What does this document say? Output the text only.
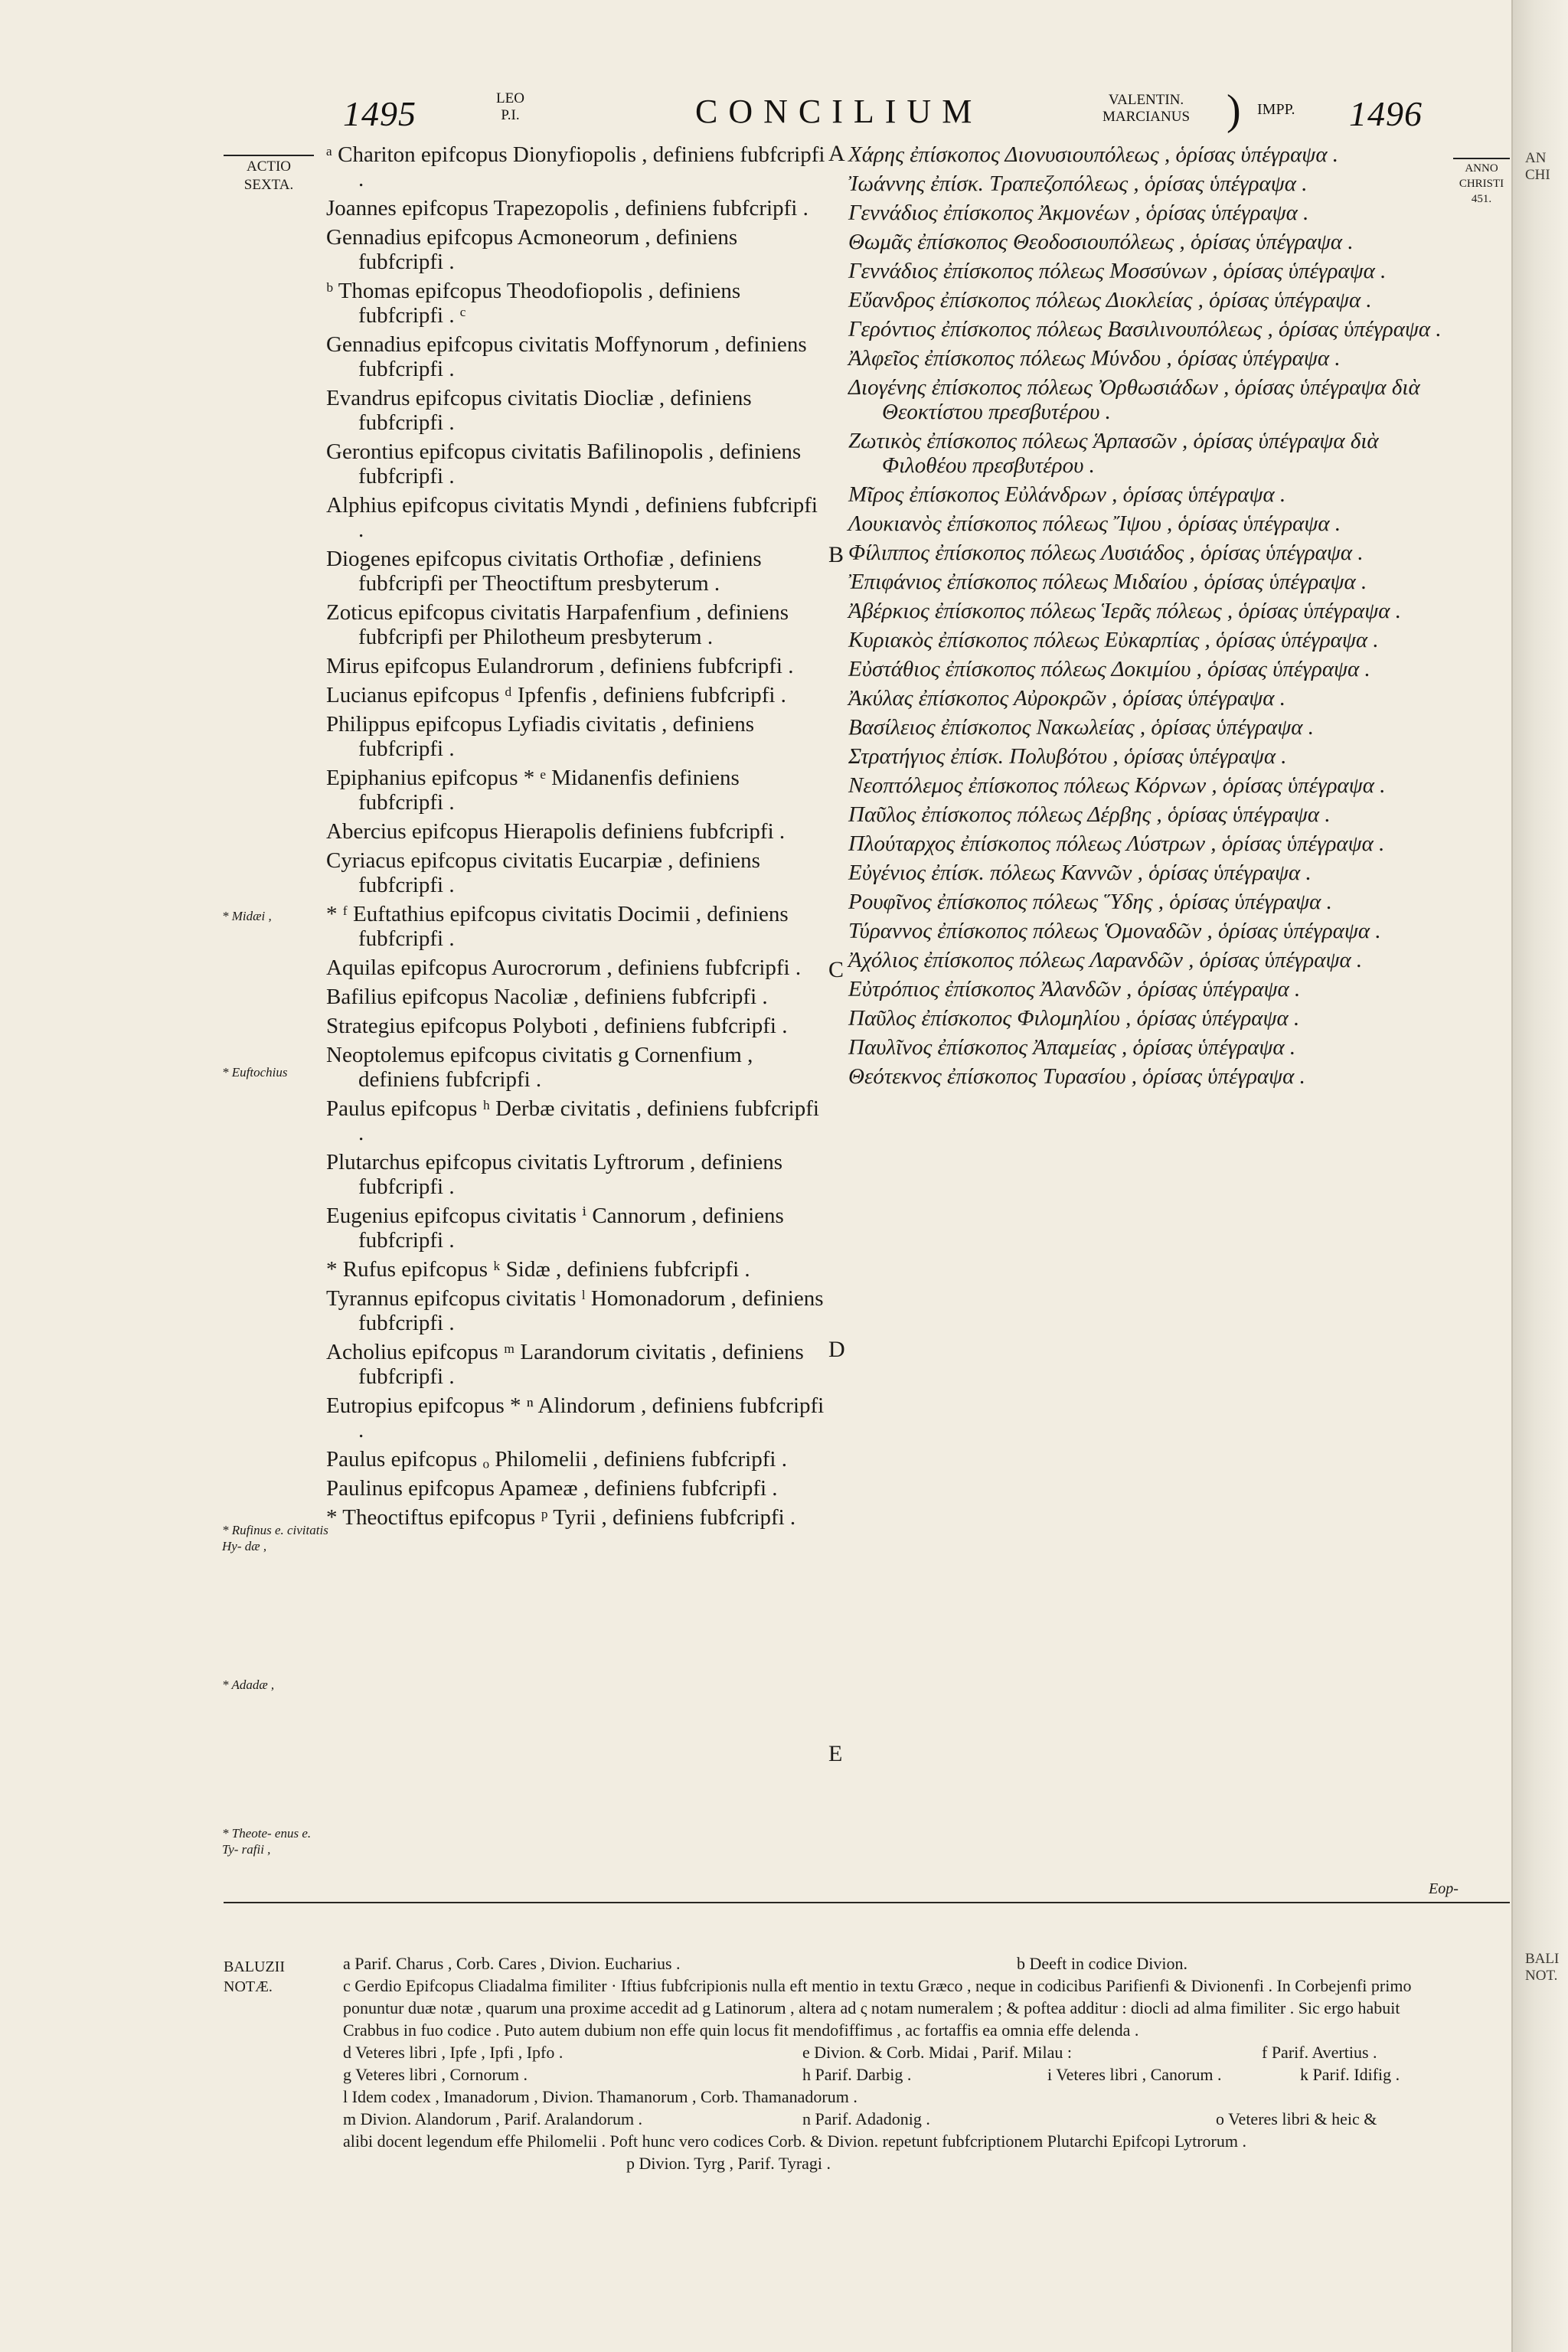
AN
CHI
BALI
NOT.
1495	LEO
P.I.	CONCILIUM	VALENTIN.
MARCIANUS ) IMPP. 1496
ACTIO
SEXTA.
ANNO
CHRISTI
451.
* Midæi ,
* Euftochius
* Rufinus e. civitatis Hy- dæ ,
* Adadæ ,
* Theote- enus e. Ty- rafii ,
A
B
C
D
E
ᵃ Chariton epifcopus Dionyfiopolis , definiens fubfcripfi .
Joannes epifcopus Trapezopolis , definiens fubfcripfi .
Gennadius epifcopus Acmoneorum , definiens fubfcripfi .
ᵇ Thomas epifcopus Theodofiopolis , definiens fubfcripfi . ᶜ
Gennadius epifcopus civitatis Moffynorum , definiens fubfcripfi .
Evandrus epifcopus civitatis Diocliæ , definiens fubfcripfi .
Gerontius epifcopus civitatis Bafilinopolis , definiens fubfcripfi .
Alphius epifcopus civitatis Myndi , definiens fubfcripfi .
Diogenes epifcopus civitatis Orthofiæ , definiens fubfcripfi per Theoctiftum presbyterum .
Zoticus epifcopus civitatis Harpafenfium , definiens fubfcripfi per Philotheum presbyterum .
Mirus epifcopus Eulandrorum , definiens fubfcripfi .
Lucianus epifcopus ᵈ Ipfenfis , definiens fubfcripfi .
Philippus epifcopus Lyfiadis civitatis , definiens fubfcripfi .
Epiphanius epifcopus * ᵉ Midanenfis definiens fubfcripfi .
Abercius epifcopus Hierapolis definiens fubfcripfi .
Cyriacus epifcopus civitatis Eucarpiæ , definiens fubfcripfi .
* ᶠ Euftathius epifcopus civitatis Docimii , definiens fubfcripfi .
Aquilas epifcopus Aurocrorum , definiens fubfcripfi .
Bafilius epifcopus Nacoliæ , definiens fubfcripfi .
Strategius epifcopus Polyboti , definiens fubfcripfi .
Neoptolemus epifcopus civitatis g Cornenfium , definiens fubfcripfi .
Paulus epifcopus ʰ Derbæ civitatis , definiens fubfcripfi .
Plutarchus epifcopus civitatis Lyftrorum , definiens fubfcripfi .
Eugenius epifcopus civitatis ⁱ Cannorum , definiens fubfcripfi .
* Rufus epifcopus ᵏ Sidæ , definiens fubfcripfi .
Tyrannus epifcopus civitatis ˡ Homonadorum , definiens fubfcripfi .
Acholius epifcopus ᵐ Larandorum civitatis , definiens fubfcripfi .
Eutropius epifcopus * ⁿ Alindorum , definiens fubfcripfi .
Paulus epifcopus ₒ Philomelii , definiens fubfcripfi .
Paulinus epifcopus Apameæ , definiens fubfcripfi .
* Theoctiftus epifcopus ᵖ Tyrii , definiens fubfcripfi .
Χάρης ἐπίσκοπος Διονυσιουπόλεως , ὁρίσας ὑπέγραψα .
Ἰωάννης ἐπίσκ. Τραπεζοπόλεως , ὁρίσας ὑπέγραψα .
Γεννάδιος ἐπίσκοπος Ἀκμονέων , ὁρίσας ὑπέγραψα .
Θωμᾶς ἐπίσκοπος Θεοδοσιουπόλεως , ὁρίσας ὑπέγραψα .
Γεννάδιος ἐπίσκοπος πόλεως Μοσσύνων , ὁρίσας ὑπέγραψα .
Εὔανδρος ἐπίσκοπος πόλεως Διοκλείας , ὁρίσας ὑπέγραψα .
Γερόντιος ἐπίσκοπος πόλεως Βασιλινουπόλεως , ὁρίσας ὑπέγραψα .
Ἀλφεῖος ἐπίσκοπος πόλεως Μύνδου , ὁρίσας ὑπέγραψα .
Διογένης ἐπίσκοπος πόλεως Ὀρθωσιάδων , ὁρίσας ὑπέγραψα διὰ Θεοκτίστου πρεσβυτέρου .
Ζωτικὸς ἐπίσκοπος πόλεως Ἁρπασῶν , ὁρίσας ὑπέγραψα διὰ Φιλοθέου πρεσβυτέρου .
Μῖρος ἐπίσκοπος Εὐλάνδρων , ὁρίσας ὑπέγραψα .
Λουκιανὸς ἐπίσκοπος πόλεως Ἴψου , ὁρίσας ὑπέγραψα .
Φίλιππος ἐπίσκοπος πόλεως Λυσιάδος , ὁρίσας ὑπέγραψα .
Ἐπιφάνιος ἐπίσκοπος πόλεως Μιδαίου , ὁρίσας ὑπέγραψα .
Ἀβέρκιος ἐπίσκοπος πόλεως Ἱερᾶς πόλεως , ὁρίσας ὑπέγραψα .
Κυριακὸς ἐπίσκοπος πόλεως Εὐκαρπίας , ὁρίσας ὑπέγραψα .
Εὐστάθιος ἐπίσκοπος πόλεως Δοκιμίου , ὁρίσας ὑπέγραψα .
Ἀκύλας ἐπίσκοπος Αὐροκρῶν , ὁρίσας ὑπέγραψα .
Βασίλειος ἐπίσκοπος Νακωλείας , ὁρίσας ὑπέγραψα .
Στρατήγιος ἐπίσκ. Πολυβότου , ὁρίσας ὑπέγραψα .
Νεοπτόλεμος ἐπίσκοπος πόλεως Κόρνων , ὁρίσας ὑπέγραψα .
Παῦλος ἐπίσκοπος πόλεως Δέρβης , ὁρίσας ὑπέγραψα .
Πλούταρχος ἐπίσκοπος πόλεως Λύστρων , ὁρίσας ὑπέγραψα .
Εὐγένιος ἐπίσκ. πόλεως Καννῶν , ὁρίσας ὑπέγραψα .
Ρουφῖνος ἐπίσκοπος πόλεως Ὕδης , ὁρίσας ὑπέγραψα .
Τύραννος ἐπίσκοπος πόλεως Ὁμοναδῶν , ὁρίσας ὑπέγραψα .
Ἀχόλιος ἐπίσκοπος πόλεως Λαρανδῶν , ὁρίσας ὑπέγραψα .
Εὐτρόπιος ἐπίσκοπος Ἀλανδῶν , ὁρίσας ὑπέγραψα .
Παῦλος ἐπίσκοπος Φιλομηλίου , ὁρίσας ὑπέγραψα .
Παυλῖνος ἐπίσκοπος Ἀπαμείας , ὁρίσας ὑπέγραψα .
Θεότεκνος ἐπίσκοπος Τυρασίου , ὁρίσας ὑπέγραψα .
Eop-
BALUZII
NOTÆ.
a Parif. Charus , Corb. Cares , Divion. Eucharius .	b Deeft in codice Divion.
c Gerdio Epifcopus Cliadalma fimiliter · Iftius fubfcripionis nulla eft mentio in textu Græco , neque in codicibus Parifienfi & Divionenfi . In Corbejenfi primo ponuntur duæ notæ , quarum una proxime accedit ad g Latinorum , altera ad ς notam numeralem ; & poftea additur : diocli ad alma fimiliter . Sic ergo habuit Crabbus in fuo codice . Puto autem dubium non effe quin locus fit mendofiffimus , ac fortaffis ea omnia effe delenda .
d Veteres libri , Ipfe , Ipfi , Ipfo .	e Divion. & Corb. Midai , Parif. Milau :	f Parif. Avertius .
g Veteres libri , Cornorum .	h Parif. Darbig .	i Veteres libri , Canorum .	k Parif. Idifig .
l Idem codex , Imanadorum , Divion. Thamanorum , Corb. Thamanadorum .
m Divion. Alandorum , Parif. Aralandorum .	n Parif. Adadonig .	o Veteres libri & heic &
alibi docent legendum effe Philomelii . Poft hunc vero codices Corb. & Divion. repetunt fubfcriptionem Plutarchi Epifcopi Lytrorum .
p Divion. Tyrg , Parif. Tyragi .
